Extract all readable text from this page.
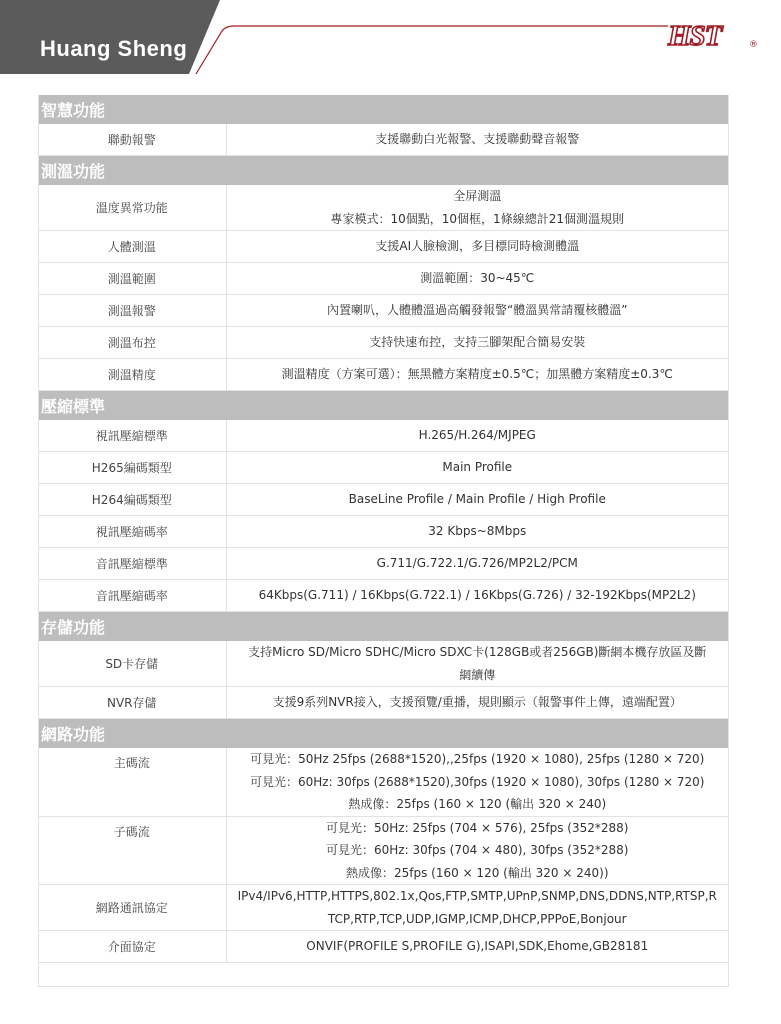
Huang Sheng	HST	®
智慧功能	
聯動報警	支援聯動白光報警、支援聯動聲音報警

測溫功能	
溫度異常功能	全屏測溫
專家模式：10個點，10個框，1條線總計21個測溫規則

人體測溫	支援AI人臉檢測，多目標同時檢測體溫

測溫範圍	測溫範圍：30~45℃

測溫報警	內置喇叭，人體體溫過高觸發報警“體溫異常請覆核體溫”

測溫布控	支持快速布控，支持三腳架配合簡易安裝

測溫精度	測溫精度（方案可選）：無黑體方案精度±0.5℃；加黑體方案精度±0.3℃

壓縮標準	
視訊壓縮標準	H.265/H.264/MJPEG

H265編碼類型	Main Profile

H264編碼類型	BaseLine Profile / Main Profile / High Profile

視訊壓縮碼率	32 Kbps~8Mbps

音訊壓縮標準	G.711/G.722.1/G.726/MP2L2/PCM

音訊壓縮碼率	64Kbps(G.711) / 16Kbps(G.722.1) / 16Kbps(G.726) / 32-192Kbps(MP2L2)

存儲功能	
SD卡存儲	支持Micro SD/Micro SDHC/Micro SDXC卡(128GB或者256GB)斷網本機存放區及斷
網續傳

NVR存儲	支援9系列NVR接入，支援預覽/重播，規則顯示（報警事件上傳，遠端配置）

網路功能	
主碼流	可見光：50Hz 25fps (2688*1520),,25fps (1920 × 1080), 25fps (1280 × 720)
可見光：60Hz: 30fps (2688*1520),30fps (1920 × 1080), 30fps (1280 × 720)
熱成像：25fps (160 × 120 (輸出 320 × 240)

子碼流	可見光：50Hz: 25fps (704 × 576), 25fps (352*288)
可見光：60Hz: 30fps (704 × 480), 30fps (352*288)
熱成像：25fps (160 × 120 (輸出 320 × 240))

網路通訊協定	IPv4/IPv6,HTTP,HTTPS,802.1x,Qos,FTP,SMTP,UPnP,SNMP,DNS,DDNS,NTP,RTSP,R
TCP,RTP,TCP,UDP,IGMP,ICMP,DHCP,PPPoE,Bonjour

介面協定	ONVIF(PROFILE S,PROFILE G),ISAPI,SDK,Ehome,GB28181
